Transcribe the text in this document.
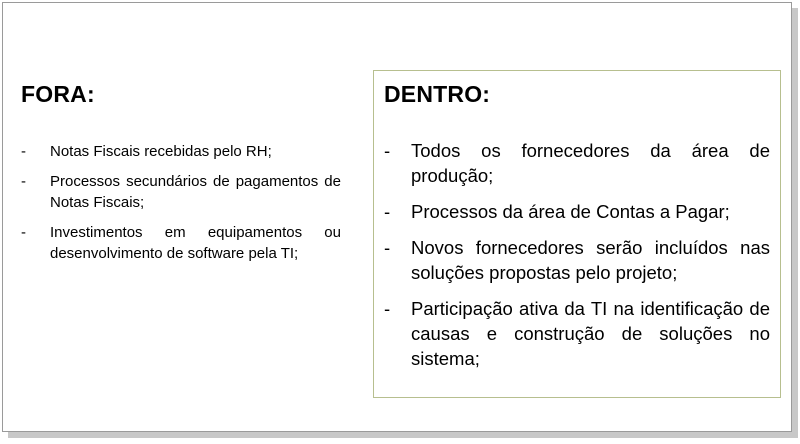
FORA:
- Notas Fiscais recebidas pelo RH;
- Processos secundários de pagamentos de Notas Fiscais;
- Investimentos em equipamentos ou desenvolvimento de software pela TI;
DENTRO:
- Todos os fornecedores da área de produção;
- Processos da área de Contas a Pagar;
- Novos fornecedores serão incluídos nas soluções propostas pelo projeto;
- Participação ativa da TI na identificação de causas e construção de soluções no sistema;
